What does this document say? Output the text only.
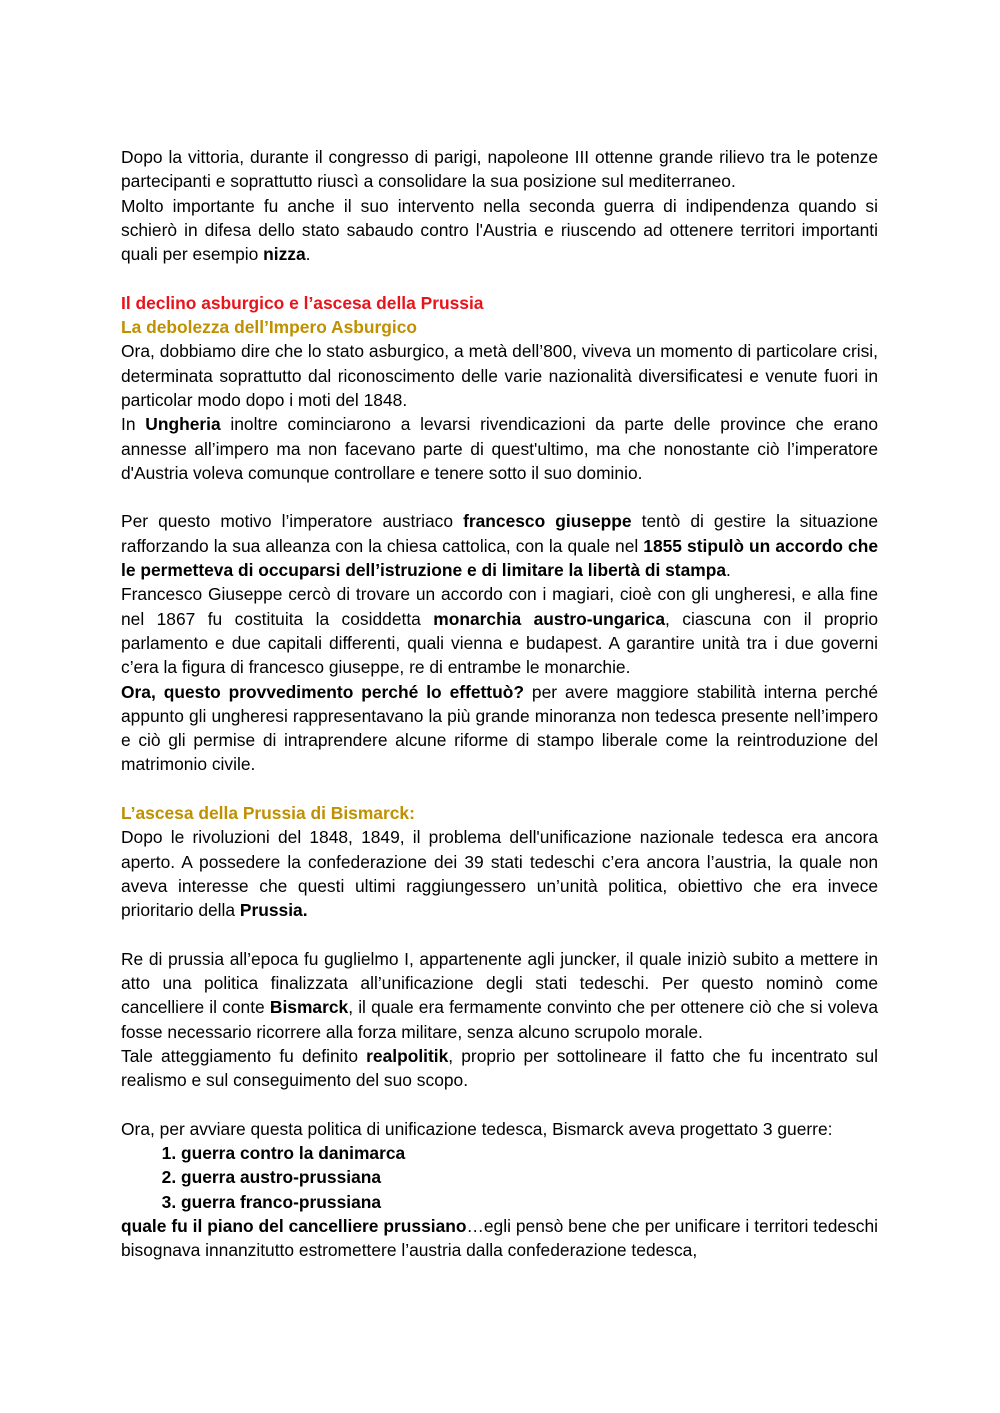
Dopo la vittoria, durante il congresso di parigi, napoleone III ottenne grande rilievo tra le potenze partecipanti e soprattutto riuscì a consolidare la sua posizione sul mediterraneo.

Molto importante fu anche il suo intervento nella seconda guerra di indipendenza quando si schierò in difesa dello stato sabaudo contro l'Austria e riuscendo ad ottenere territori importanti quali per esempio nizza.

Il declino asburgico e l’ascesa della Prussia
La debolezza dell’Impero Asburgico

Ora, dobbiamo dire che lo stato asburgico, a metà dell’800, viveva un momento di particolare crisi, determinata soprattutto dal riconoscimento delle varie nazionalità diversificatesi e venute fuori in particolar modo dopo i moti del 1848.

In Ungheria inoltre cominciarono a levarsi rivendicazioni da parte delle province che erano annesse all’impero ma non facevano parte di quest'ultimo, ma che nonostante ciò l’imperatore d'Austria voleva comunque controllare e tenere sotto il suo dominio.

Per questo motivo l’imperatore austriaco francesco giuseppe tentò di gestire la situazione rafforzando la sua alleanza con la chiesa cattolica, con la quale nel 1855 stipulò un accordo che le permetteva di occuparsi dell’istruzione e di limitare la libertà di stampa.

Francesco Giuseppe cercò di trovare un accordo con i magiari, cioè con gli ungheresi, e alla fine nel 1867 fu costituita la cosiddetta monarchia austro-ungarica, ciascuna con il proprio parlamento e due capitali differenti, quali vienna e budapest. A garantire unità tra i due governi c’era la figura di francesco giuseppe, re di entrambe le monarchie.

Ora, questo provvedimento perché lo effettuò? per avere maggiore stabilità interna perché appunto gli ungheresi rappresentavano la più grande minoranza non tedesca presente nell’impero e ciò gli permise di intraprendere alcune riforme di stampo liberale come la reintroduzione del matrimonio civile.

L’ascesa della Prussia di Bismarck:

Dopo le rivoluzioni del 1848, 1849, il problema dell'unificazione nazionale tedesca era ancora aperto. A possedere la confederazione dei 39 stati tedeschi c’era ancora l’austria, la quale non aveva interesse che questi ultimi raggiungessero un’unità politica, obiettivo che era invece prioritario della Prussia.

Re di prussia all’epoca fu guglielmo I, appartenente agli juncker, il quale iniziò subito a mettere in atto una politica finalizzata all’unificazione degli stati tedeschi. Per questo nominò come cancelliere il conte Bismarck, il quale era fermamente convinto che per ottenere ciò che si voleva fosse necessario ricorrere alla forza militare, senza alcuno scrupolo morale.

Tale atteggiamento fu definito realpolitik, proprio per sottolineare il fatto che fu incentrato sul realismo e sul conseguimento del suo scopo.

Ora, per avviare questa politica di unificazione tedesca, Bismarck aveva progettato 3 guerre:

1. guerra contro la danimarca
2. guerra austro-prussiana
3. guerra franco-prussiana

quale fu il piano del cancelliere prussiano…egli pensò bene che per unificare i territori tedeschi bisognava innanzitutto estromettere l’austria dalla confederazione tedesca,
